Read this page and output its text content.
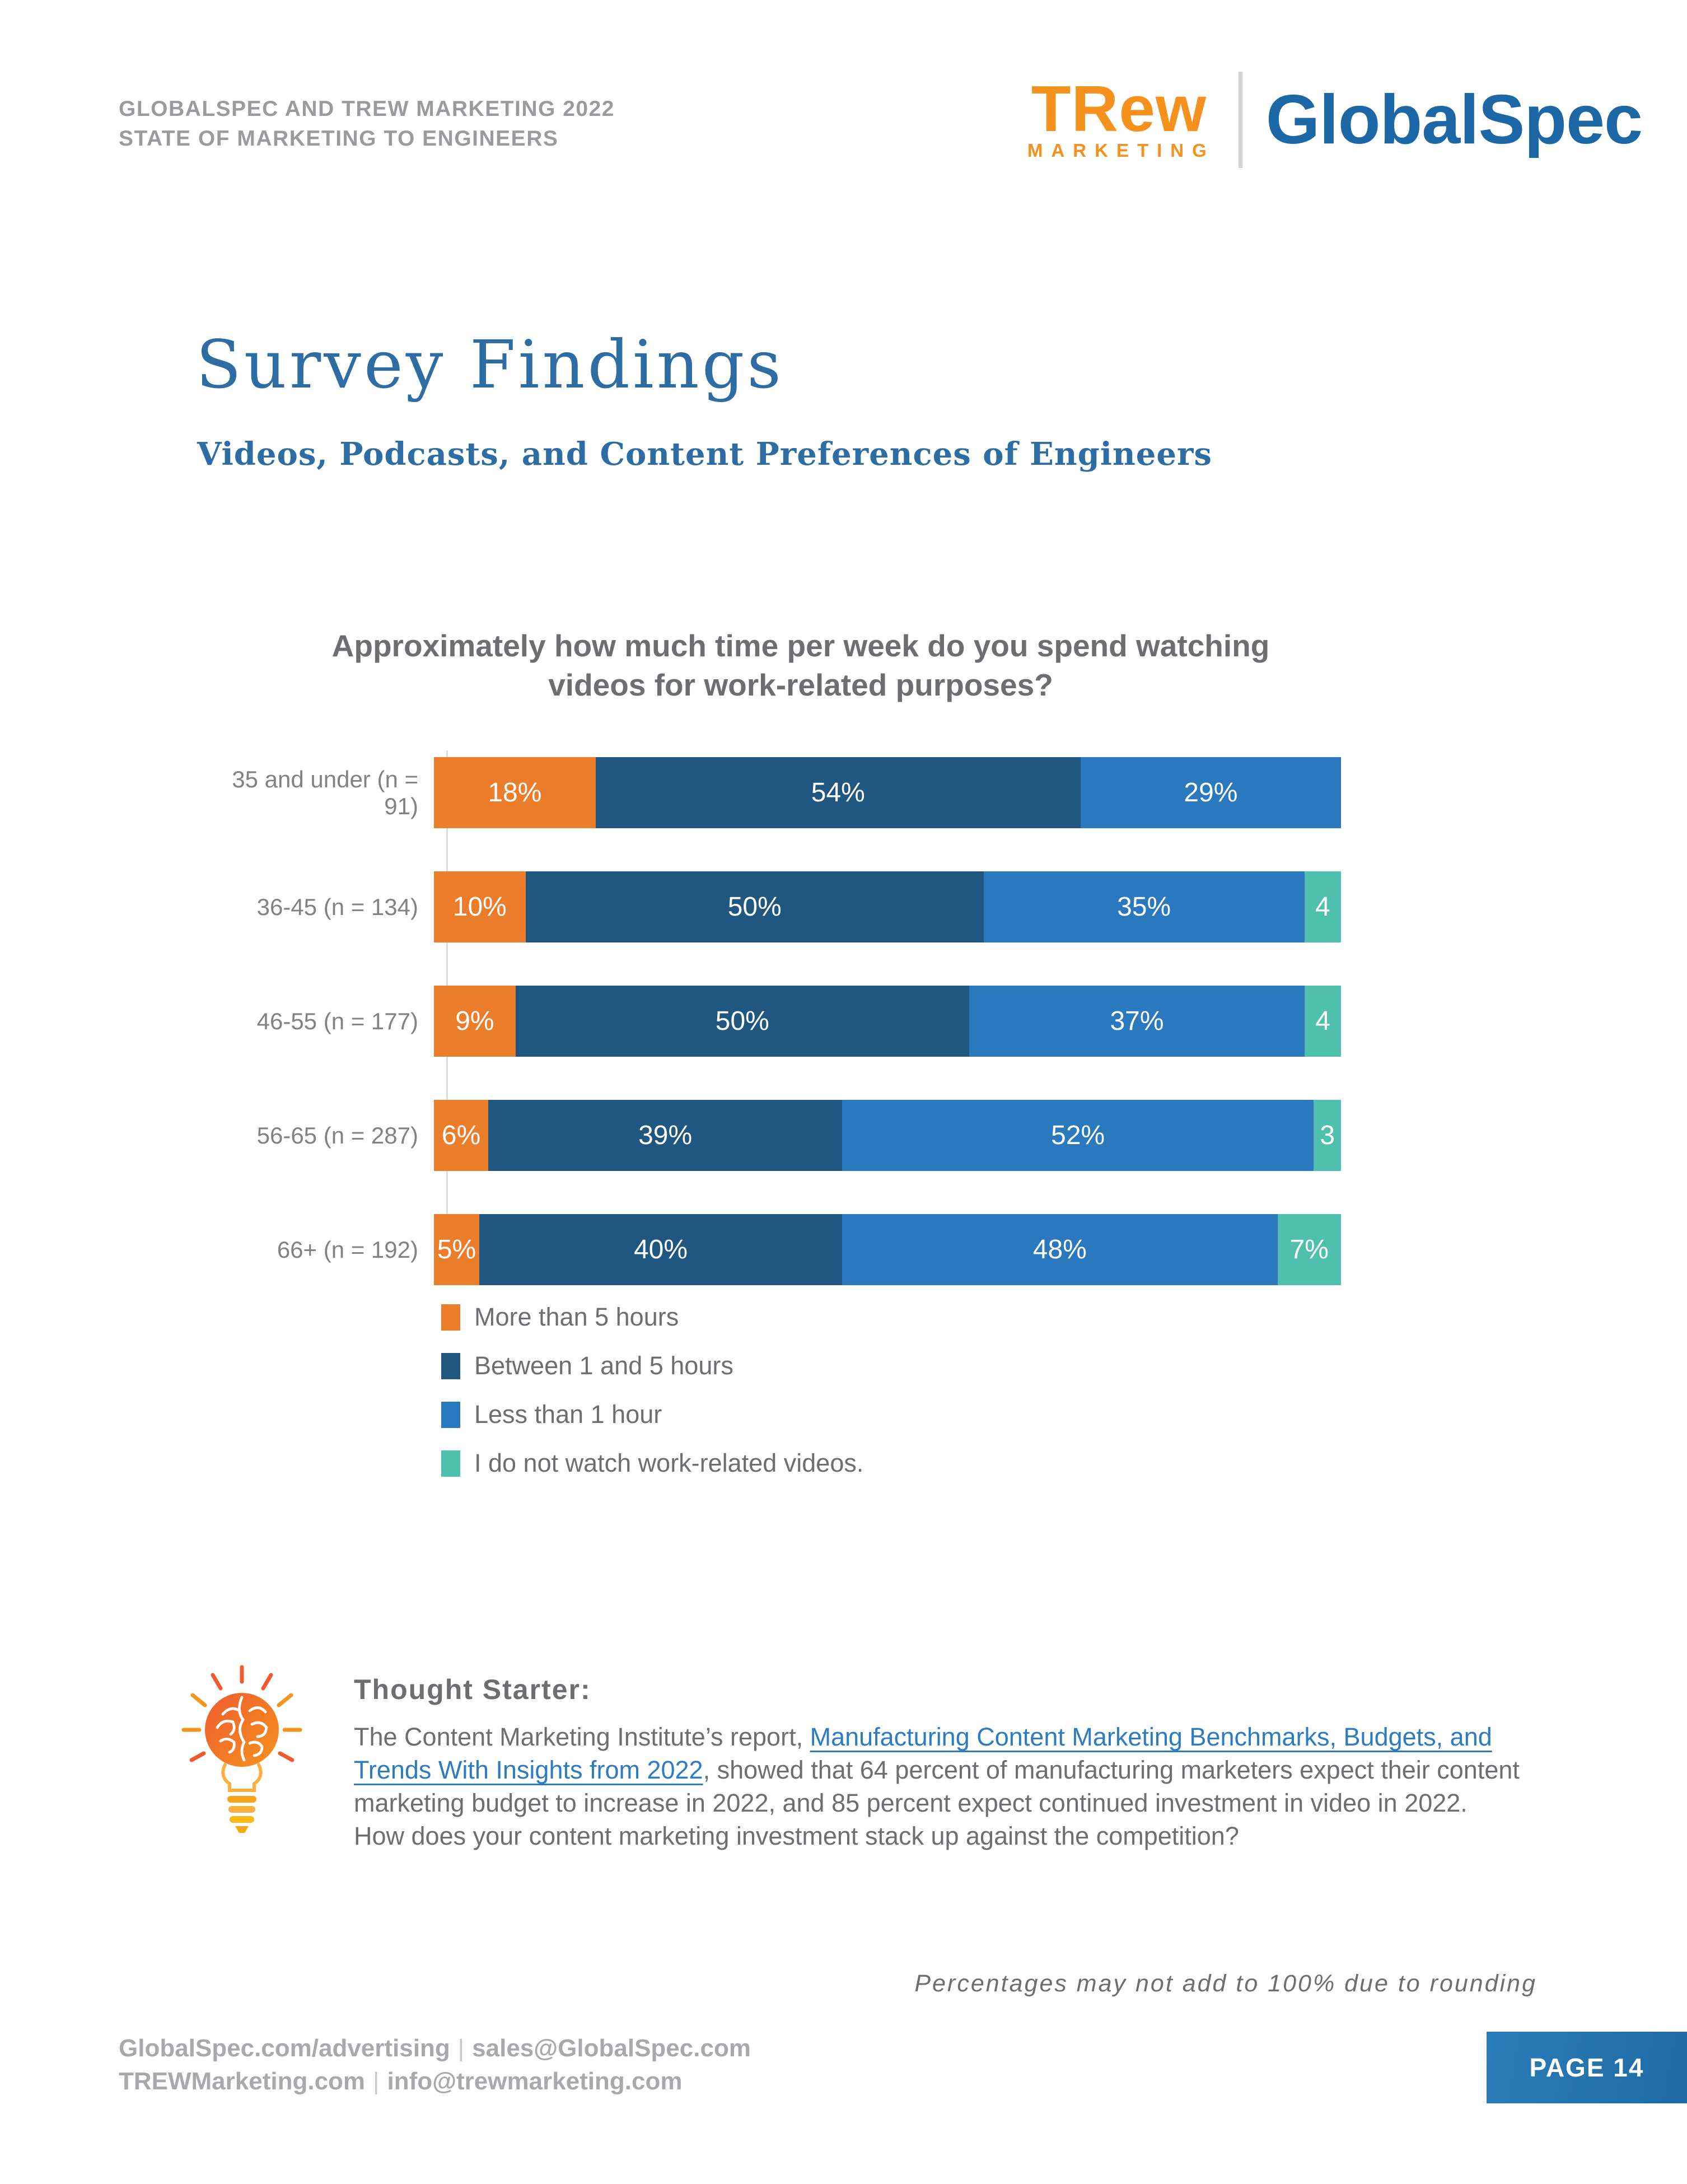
GLOBALSPEC AND TREW MARKETING 2022
STATE OF MARKETING TO ENGINEERS	TRew
MARKETING GlobalSpec
Survey Findings
Videos, Podcasts, and Content Preferences of Engineers
Approximately how much time per week do you spend watching
videos for work-related purposes?
35 and under (n = 91)	18%	54%	29%
36-45 (n = 134)	10%	50%	35%	4
46-55 (n = 177)	9%	50%	37%	4
56-65 (n = 287) 6%	39%	52%	3
66+ (n = 192) 5%	40%	48%	7%
More than 5 hours
Between 1 and 5 hours
Less than 1 hour
I do not watch work-related videos.
Thought Starter:
The Content Marketing Institute’s report, Manufacturing Content Marketing Benchmarks, Budgets, and Trends With Insights from 2022, showed that 64 percent of manufacturing marketers expect their content marketing budget to increase in 2022, and 85 percent expect continued investment in video in 2022. How does your content marketing investment stack up against the competition?
Percentages may not add to 100% due to rounding
GlobalSpec.com/advertising | sales@GlobalSpec.com
TREWMarketing.com | info@trewmarketing.com	PAGE 14
